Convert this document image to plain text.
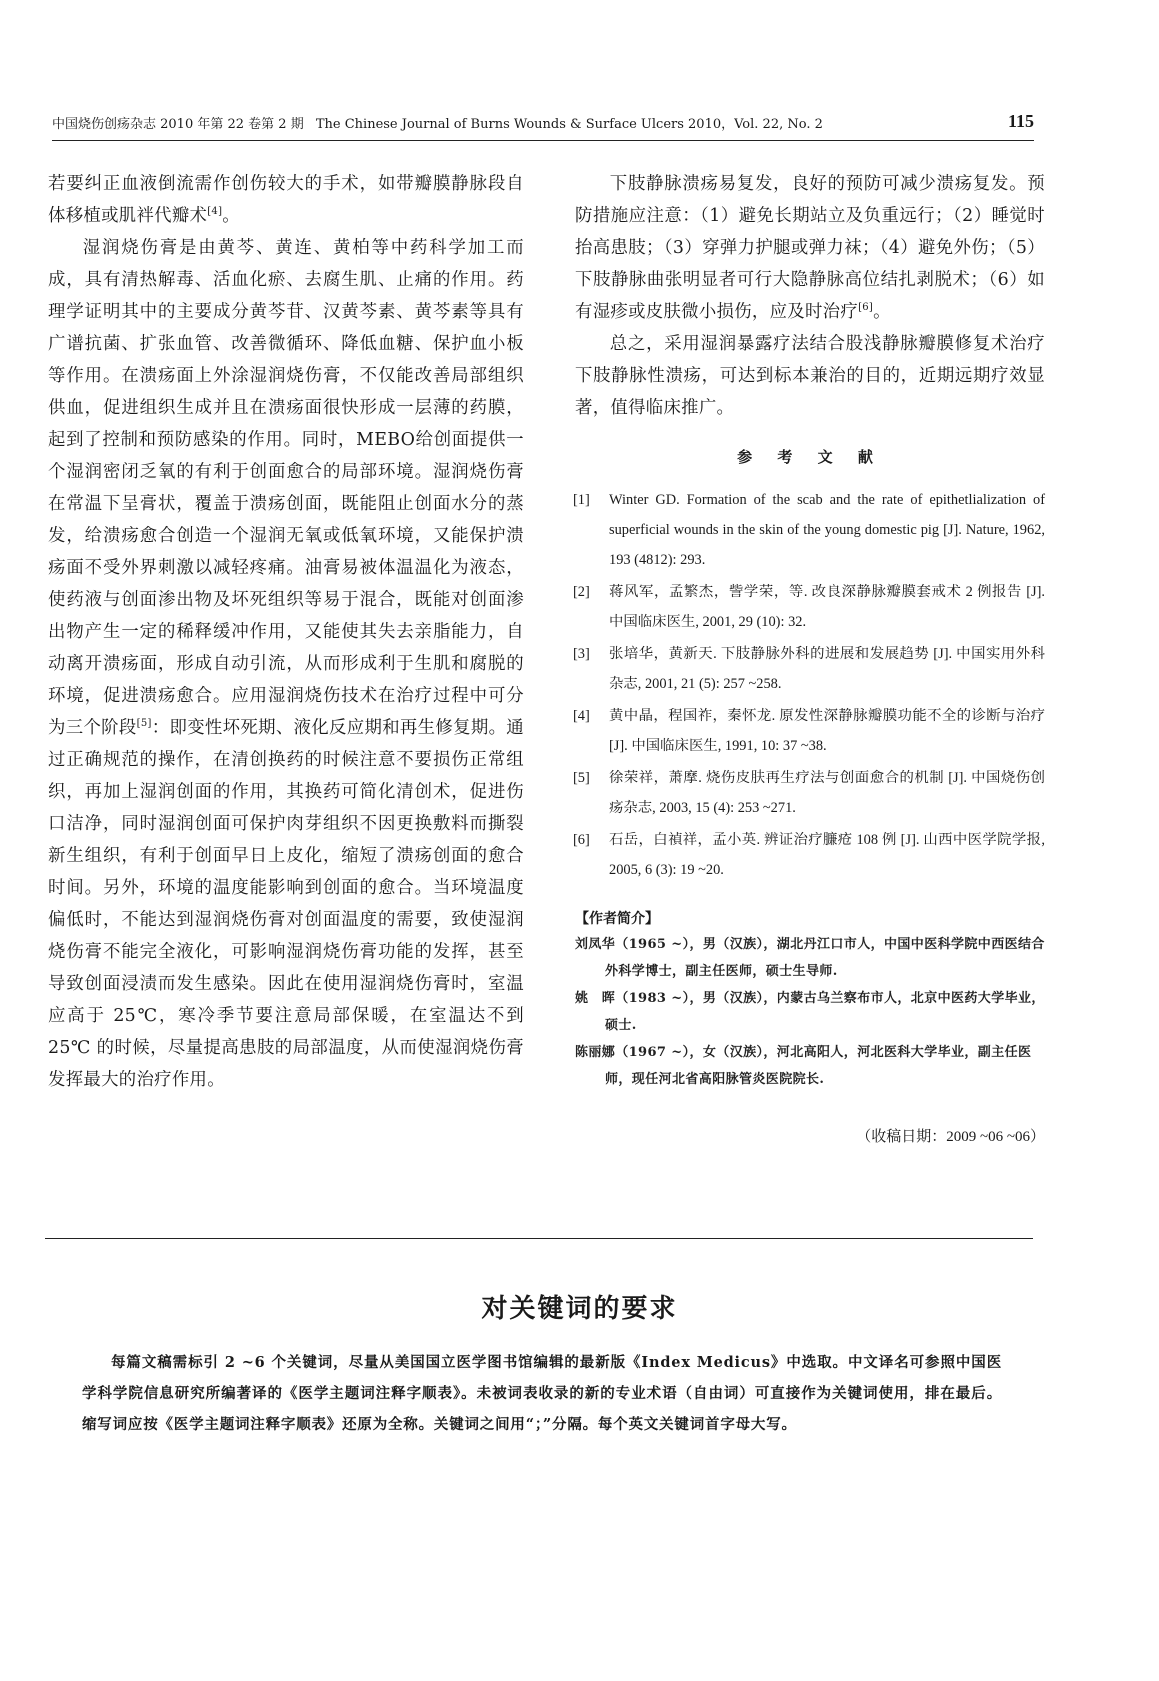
中国烧伤创疡杂志 2010 年第 22 卷第 2 期 The Chinese Journal of Burns Wounds & Surface Ulcers 2010，Vol. 22, No. 2	115

若要纠正血液倒流需作创伤较大的手术，如带瓣膜静脉段自体移植或肌袢代瓣术[4]。

湿润烧伤膏是由黄芩、黄连、黄柏等中药科学加工而成，具有清热解毒、活血化瘀、去腐生肌、止痛的作用。药理学证明其中的主要成分黄芩苷、汉黄芩素、黄芩素等具有广谱抗菌、扩张血管、改善微循环、降低血糖、保护血小板等作用。在溃疡面上外涂湿润烧伤膏，不仅能改善局部组织供血，促进组织生成并且在溃疡面很快形成一层薄的药膜，起到了控制和预防感染的作用。同时，MEBO给创面提供一个湿润密闭乏氧的有利于创面愈合的局部环境。湿润烧伤膏在常温下呈膏状，覆盖于溃疡创面，既能阻止创面水分的蒸发，给溃疡愈合创造一个湿润无氧或低氧环境，又能保护溃疡面不受外界刺激以减轻疼痛。油膏易被体温温化为液态，使药液与创面渗出物及坏死组织等易于混合，既能对创面渗出物产生一定的稀释缓冲作用，又能使其失去亲脂能力，自动离开溃疡面，形成自动引流，从而形成利于生肌和腐脱的环境，促进溃疡愈合。应用湿润烧伤技术在治疗过程中可分为三个阶段[5]：即变性坏死期、液化反应期和再生修复期。通过正确规范的操作，在清创换药的时候注意不要损伤正常组织，再加上湿润创面的作用，其换药可简化清创术，促进伤口洁净，同时湿润创面可保护肉芽组织不因更换敷料而撕裂新生组织，有利于创面早日上皮化，缩短了溃疡创面的愈合时间。另外，环境的温度能影响到创面的愈合。当环境温度偏低时，不能达到湿润烧伤膏对创面温度的需要，致使湿润烧伤膏不能完全液化，可影响湿润烧伤膏功能的发挥，甚至导致创面浸渍而发生感染。因此在使用湿润烧伤膏时，室温应高于 25℃，寒冷季节要注意局部保暖，在室温达不到 25℃ 的时候，尽量提高患肢的局部温度，从而使湿润烧伤膏发挥最大的治疗作用。

下肢静脉溃疡易复发，良好的预防可减少溃疡复发。预防措施应注意：（1）避免长期站立及负重远行；（2）睡觉时抬高患肢；（3）穿弹力护腿或弹力袜；（4）避免外伤；（5）下肢静脉曲张明显者可行大隐静脉高位结扎剥脱术；（6）如有湿疹或皮肤微小损伤，应及时治疗[6]。

总之，采用湿润暴露疗法结合股浅静脉瓣膜修复术治疗下肢静脉性溃疡，可达到标本兼治的目的，近期远期疗效显著，值得临床推广。

参 考 文 献

[1] Winter GD. Formation of the scab and the rate of epithetlialization of superficial wounds in the skin of the young domestic pig [J]. Nature, 1962, 193 (4812): 293.

[2] 蒋风军，孟繁杰，訾学荣，等. 改良深静脉瓣膜套戒术 2 例报告 [J]. 中国临床医生, 2001, 29 (10): 32.

[3] 张培华，黄新天. 下肢静脉外科的进展和发展趋势 [J]. 中国实用外科杂志, 2001, 21 (5): 257 ~258.

[4] 黄中晶，程国祚，秦怀龙. 原发性深静脉瓣膜功能不全的诊断与治疗 [J]. 中国临床医生, 1991, 10: 37 ~38.

[5] 徐荣祥，萧摩. 烧伤皮肤再生疗法与创面愈合的机制 [J]. 中国烧伤创疡杂志, 2003, 15 (4): 253 ~271.

[6] 石岳，白禎祥，孟小英. 辨证治疗臁疮 108 例 [J]. 山西中医学院学报, 2005, 6 (3): 19 ~20.

【作者简介】

刘凤华（1965 ~），男（汉族），湖北丹江口市人，中国中医科学院中西医结合外科学博士，副主任医师，硕士生导师.

姚　晖（1983 ~），男（汉族），内蒙古乌兰察布市人，北京中医药大学毕业，硕士.

陈丽娜（1967 ~），女（汉族），河北高阳人，河北医科大学毕业，副主任医师，现任河北省高阳脉管炎医院院长.

（收稿日期：2009 ~06 ~06）
对关键词的要求

每篇文稿需标引 2 ~6 个关键词，尽量从美国国立医学图书馆编辑的最新版《Index Medicus》中选取。中文译名可参照中国医学科学院信息研究所编著译的《医学主题词注释字顺表》。未被词表收录的新的专业术语（自由词）可直接作为关键词使用，排在最后。缩写词应按《医学主题词注释字顺表》还原为全称。关键词之间用“；”分隔。每个英文关键词首字母大写。
